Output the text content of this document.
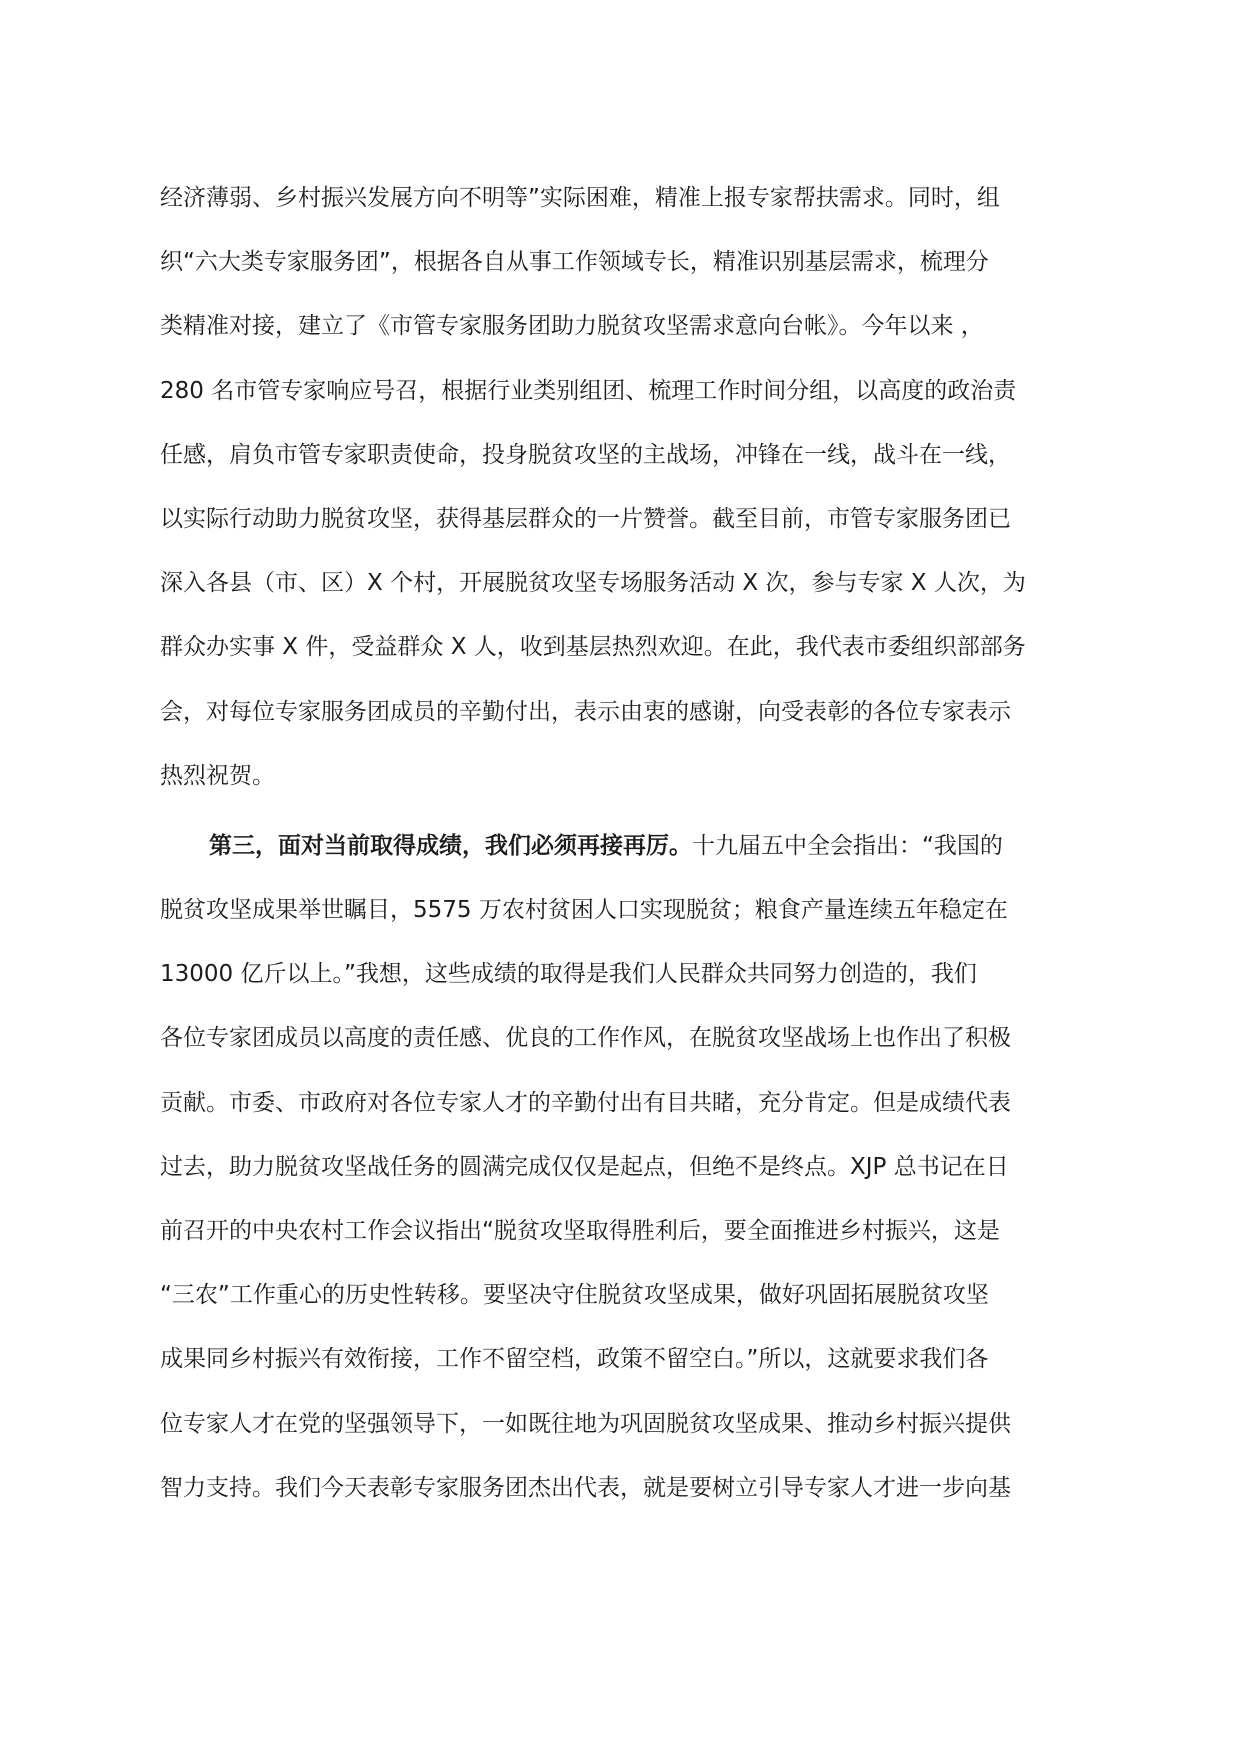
经济薄弱、乡村振兴发展方向不明等”实际困难，精准上报专家帮扶需求。同时，组
织“六大类专家服务团”，根据各自从事工作领域专长，精准识别基层需求，梳理分
类精准对接，建立了《市管专家服务团助力脱贫攻坚需求意向台帐》。今年以来 ，
280 名市管专家响应号召，根据行业类别组团、梳理工作时间分组，以高度的政治责
任感，肩负市管专家职责使命，投身脱贫攻坚的主战场，冲锋在一线，战斗在一线，
以实际行动助力脱贫攻坚，获得基层群众的一片赞誉。截至目前，市管专家服务团已
深入各县（市、区）X 个村，开展脱贫攻坚专场服务活动 X 次，参与专家 X 人次，为
群众办实事 X 件，受益群众 X 人，收到基层热烈欢迎。在此，我代表市委组织部部务
会，对每位专家服务团成员的辛勤付出，表示由衷的感谢，向受表彰的各位专家表示
热烈祝贺。
第三，面对当前取得成绩，我们必须再接再厉。十九届五中全会指出：“我国的
脱贫攻坚成果举世瞩目，5575 万农村贫困人口实现脱贫；粮食产量连续五年稳定在
13000 亿斤以上。”我想，这些成绩的取得是我们人民群众共同努力创造的，我们
各位专家团成员以高度的责任感、优良的工作作风，在脱贫攻坚战场上也作出了积极
贡献。市委、市政府对各位专家人才的辛勤付出有目共睹，充分肯定。但是成绩代表
过去，助力脱贫攻坚战任务的圆满完成仅仅是起点，但绝不是终点。XJP 总书记在日
前召开的中央农村工作会议指出“脱贫攻坚取得胜利后，要全面推进乡村振兴，这是
“三农”工作重心的历史性转移。要坚决守住脱贫攻坚成果，做好巩固拓展脱贫攻坚
成果同乡村振兴有效衔接，工作不留空档，政策不留空白。”所以，这就要求我们各
位专家人才在党的坚强领导下，一如既往地为巩固脱贫攻坚成果、推动乡村振兴提供
智力支持。我们今天表彰专家服务团杰出代表，就是要树立引导专家人才进一步向基
